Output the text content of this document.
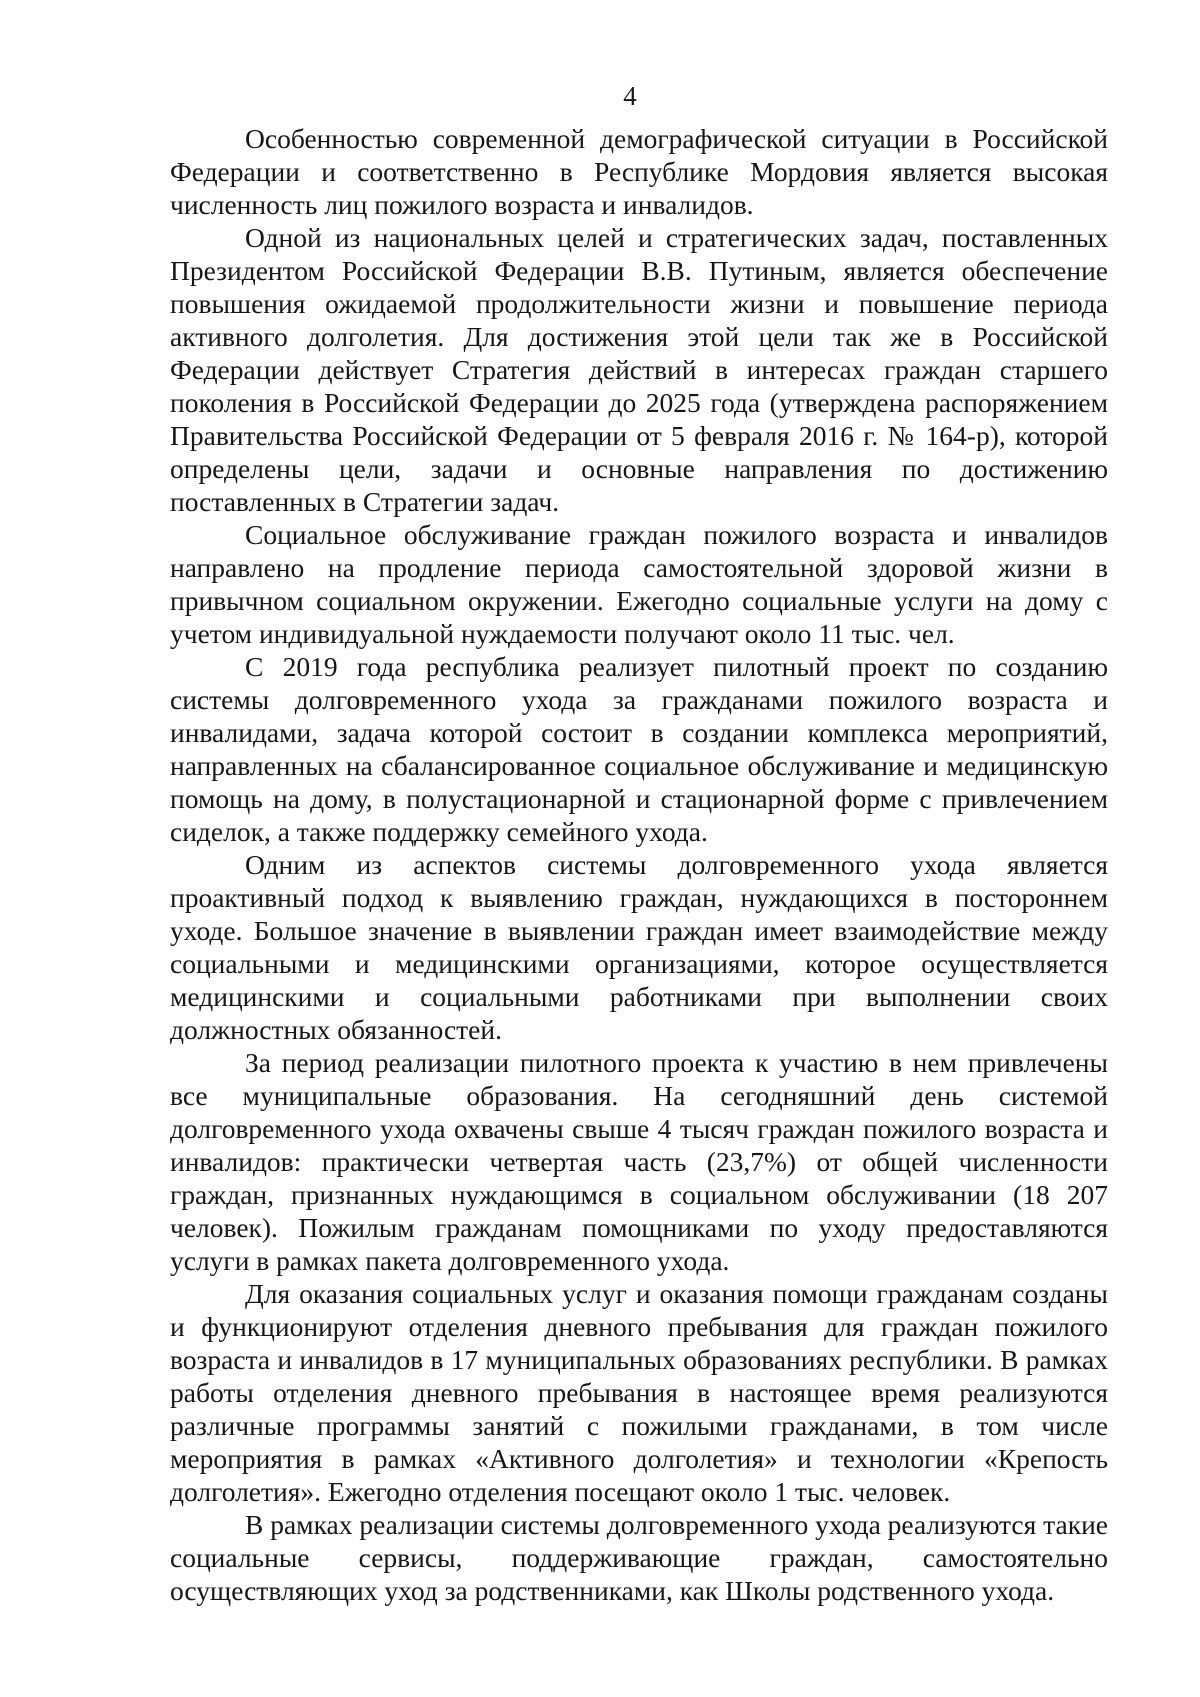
4

Особенностью современной демографической ситуации в Российской Федерации и соответственно в Республике Мордовия является высокая численность лиц пожилого возраста и инвалидов.

Одной из национальных целей и стратегических задач, поставленных Президентом Российской Федерации В.В. Путиным, является обеспечение повышения ожидаемой продолжительности жизни и повышение периода активного долголетия. Для достижения этой цели так же в Российской Федерации действует Стратегия действий в интересах граждан старшего поколения в Российской Федерации до 2025 года (утверждена распоряжением Правительства Российской Федерации от 5 февраля 2016 г. № 164-р), которой определены цели, задачи и основные направления по достижению поставленных в Стратегии задач.

Социальное обслуживание граждан пожилого возраста и инвалидов направлено на продление периода самостоятельной здоровой жизни в привычном социальном окружении. Ежегодно социальные услуги на дому с учетом индивидуальной нуждаемости получают около 11 тыс. чел.

С 2019 года республика реализует пилотный проект по созданию системы долговременного ухода за гражданами пожилого возраста и инвалидами, задача которой состоит в создании комплекса мероприятий, направленных на сбалансированное социальное обслуживание и медицинскую помощь на дому, в полустационарной и стационарной форме с привлечением сиделок, а также поддержку семейного ухода.

Одним из аспектов системы долговременного ухода является проактивный подход к выявлению граждан, нуждающихся в постороннем уходе. Большое значение в выявлении граждан имеет взаимодействие между социальными и медицинскими организациями, которое осуществляется медицинскими и социальными работниками при выполнении своих должностных обязанностей.

За период реализации пилотного проекта к участию в нем привлечены все муниципальные образования. На сегодняшний день системой долговременного ухода охвачены свыше 4 тысяч граждан пожилого возраста и инвалидов: практически четвертая часть (23,7%) от общей численности граждан, признанных нуждающимся в социальном обслуживании (18 207 человек). Пожилым гражданам помощниками по уходу предоставляются услуги в рамках пакета долговременного ухода.

Для оказания социальных услуг и оказания помощи гражданам созданы и функционируют отделения дневного пребывания для граждан пожилого возраста и инвалидов в 17 муниципальных образованиях республики. В рамках работы отделения дневного пребывания в настоящее время реализуются различные программы занятий с пожилыми гражданами, в том числе мероприятия в рамках «Активного долголетия» и технологии «Крепость долголетия». Ежегодно отделения посещают около 1 тыс. человек.

В рамках реализации системы долговременного ухода реализуются такие социальные сервисы, поддерживающие граждан, самостоятельно осуществляющих уход за родственниками, как Школы родственного ухода.
